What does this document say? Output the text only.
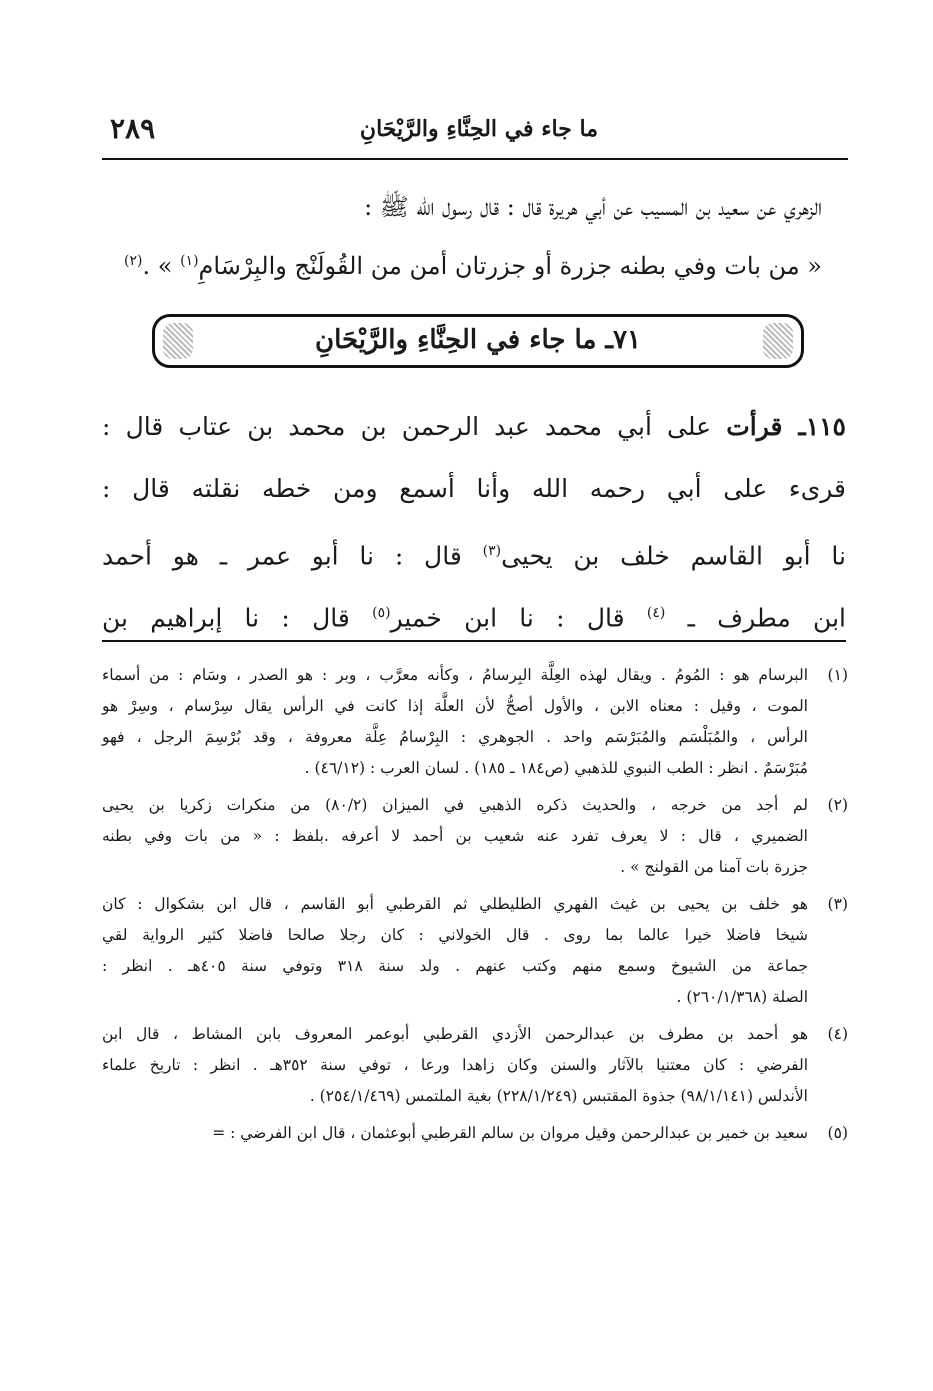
ما جاء في الحِنَّاءِ والرَّيْحَانِ
٢٨٩
الزهري عن سعيد بن المسيب عن أبي هريرة قال : قال رسول الله ﷺ :
« من بات وفي بطنه جزرة أو جزرتان أمن من القُولَنْج والبِرْسَامِ$^{(١)}$ » .$^{(٢)}$
٧١ـ ما جاء في الحِنَّاءِ والرَّيْحَانِ
١١٥ـ قرأت على أبي محمد عبد الرحمن بن محمد بن عتاب قال :
قرىء على أبي رحمه الله وأنا أسمع ومن خطه نقلته قال :
نا أبو القاسم خلف بن يحيى$^{(٣)}$ قال : نا أبو عمر ـ هو أحمد
ابن مطرف ـ $^{(٤)}$ قال : نا ابن خمير$^{(٥)}$ قال : نا إبراهيم بن
(١)
البرسام هو : المُومُ . ويقال لهذه العِلَّة البِرسامُ ، وكأنه معرَّب ، وبر : هو الصدر ، وسَام : من أسماء
الموت ، وقيل : معناه الابن ، والأول أصحُّ لأن العلَّة إذا كانت في الرأس يقال سِرْسام ، وسِرْ هو
الرأس ، والمُبَلْسَم والمُبَرْسَم واحد . الجوهري : البِرْسامُ عِلَّة معروفة ، وقد بُرْسِمَ الرجل ، فهو
مُبَرْسَمٌ . انظر : الطب النبوي للذهبي (ص١٨٤ ـ ١٨٥) . لسان العرب : (٤٦/١٢) .
(٢)
لم أجد من خرجه ، والحديث ذكره الذهبي في الميزان (٨٠/٢) من منكرات زكريا بن يحيى
الضميري ، قال : لا يعرف تفرد عنه شعيب بن أحمد لا أعرفه .بلفظ : « من بات وفي بطنه
جزرة بات آمنا من القولنج » .
(٣)
هو خلف بن يحيى بن غيث الفهري الطليطلي ثم القرطبي أبو القاسم ، قال ابن بشكوال : كان
شيخا فاضلا خيرا عالما بما روى . قال الخولاني : كان رجلا صالحا فاضلا كثير الرواية لقي
جماعة من الشيوخ وسمع منهم وكتب عنهم . ولد سنة ٣١٨ وتوفي سنة ٤٠٥هـ . انظر :
الصلة (٢٦٠/١/٣٦٨) .
(٤)
هو أحمد بن مطرف بن عبدالرحمن الأزدي القرطبي أبوعمر المعروف بابن المشاط ، قال ابن
الفرضي : كان معتنيا بالآثار والسنن وكان زاهدا ورعا ، توفي سنة ٣٥٢هـ . انظر : تاريخ علماء
الأندلس (٩٨/١/١٤١) جذوة المقتبس (٢٢٨/١/٢٤٩) بغية الملتمس (٢٥٤/١/٤٦٩) .
(٥)
سعيد بن خمير بن عبدالرحمن وقيل مروان بن سالم القرطبي أبوعثمان ، قال ابن الفرضي : =
